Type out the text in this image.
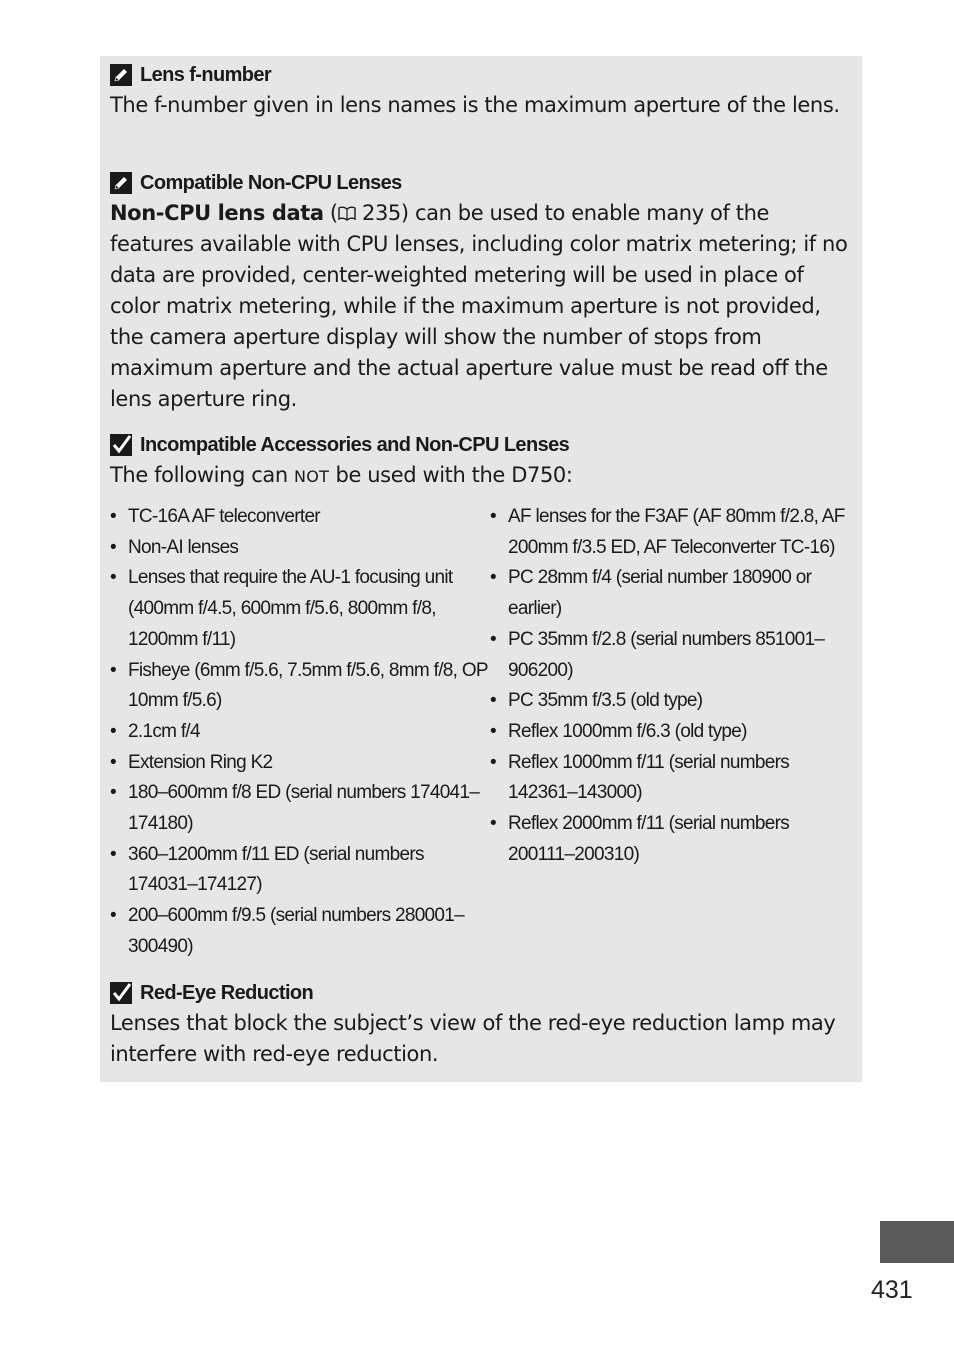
Lens f-number
The f-number given in lens names is the maximum aperture of the lens.
Compatible Non-CPU Lenses
Non-CPU lens data ( 235) can be used to enable many of the features available with CPU lenses, including color matrix metering; if no data are provided, center-weighted metering will be used in place of color matrix metering, while if the maximum aperture is not provided, the camera aperture display will show the number of stops from maximum aperture and the actual aperture value must be read off the lens aperture ring.
Incompatible Accessories and Non-CPU Lenses
The following can NOT be used with the D750:
• TC-16A AF teleconverter
• Non-AI lenses
• Lenses that require the AU-1 focusing unit (400mm f/4.5, 600mm f/5.6, 800mm f/8, 1200mm f/11)
• Fisheye (6mm f/5.6, 7.5mm f/5.6, 8mm f/8, OP 10mm f/5.6)
• 2.1cm f/4
• Extension Ring K2
• 180–600mm f/8 ED (serial numbers 174041–174180)
• 360–1200mm f/11 ED (serial numbers 174031–174127)
• 200–600mm f/9.5 (serial numbers 280001–300490)
• AF lenses for the F3AF (AF 80mm f/2.8, AF 200mm f/3.5 ED, AF Teleconverter TC-16)
• PC 28mm f/4 (serial number 180900 or earlier)
• PC 35mm f/2.8 (serial numbers 851001–906200)
• PC 35mm f/3.5 (old type)
• Reflex 1000mm f/6.3 (old type)
• Reflex 1000mm f/11 (serial numbers 142361–143000)
• Reflex 2000mm f/11 (serial numbers 200111–200310)
Red-Eye Reduction
Lenses that block the subject’s view of the red-eye reduction lamp may interfere with red-eye reduction.
431
